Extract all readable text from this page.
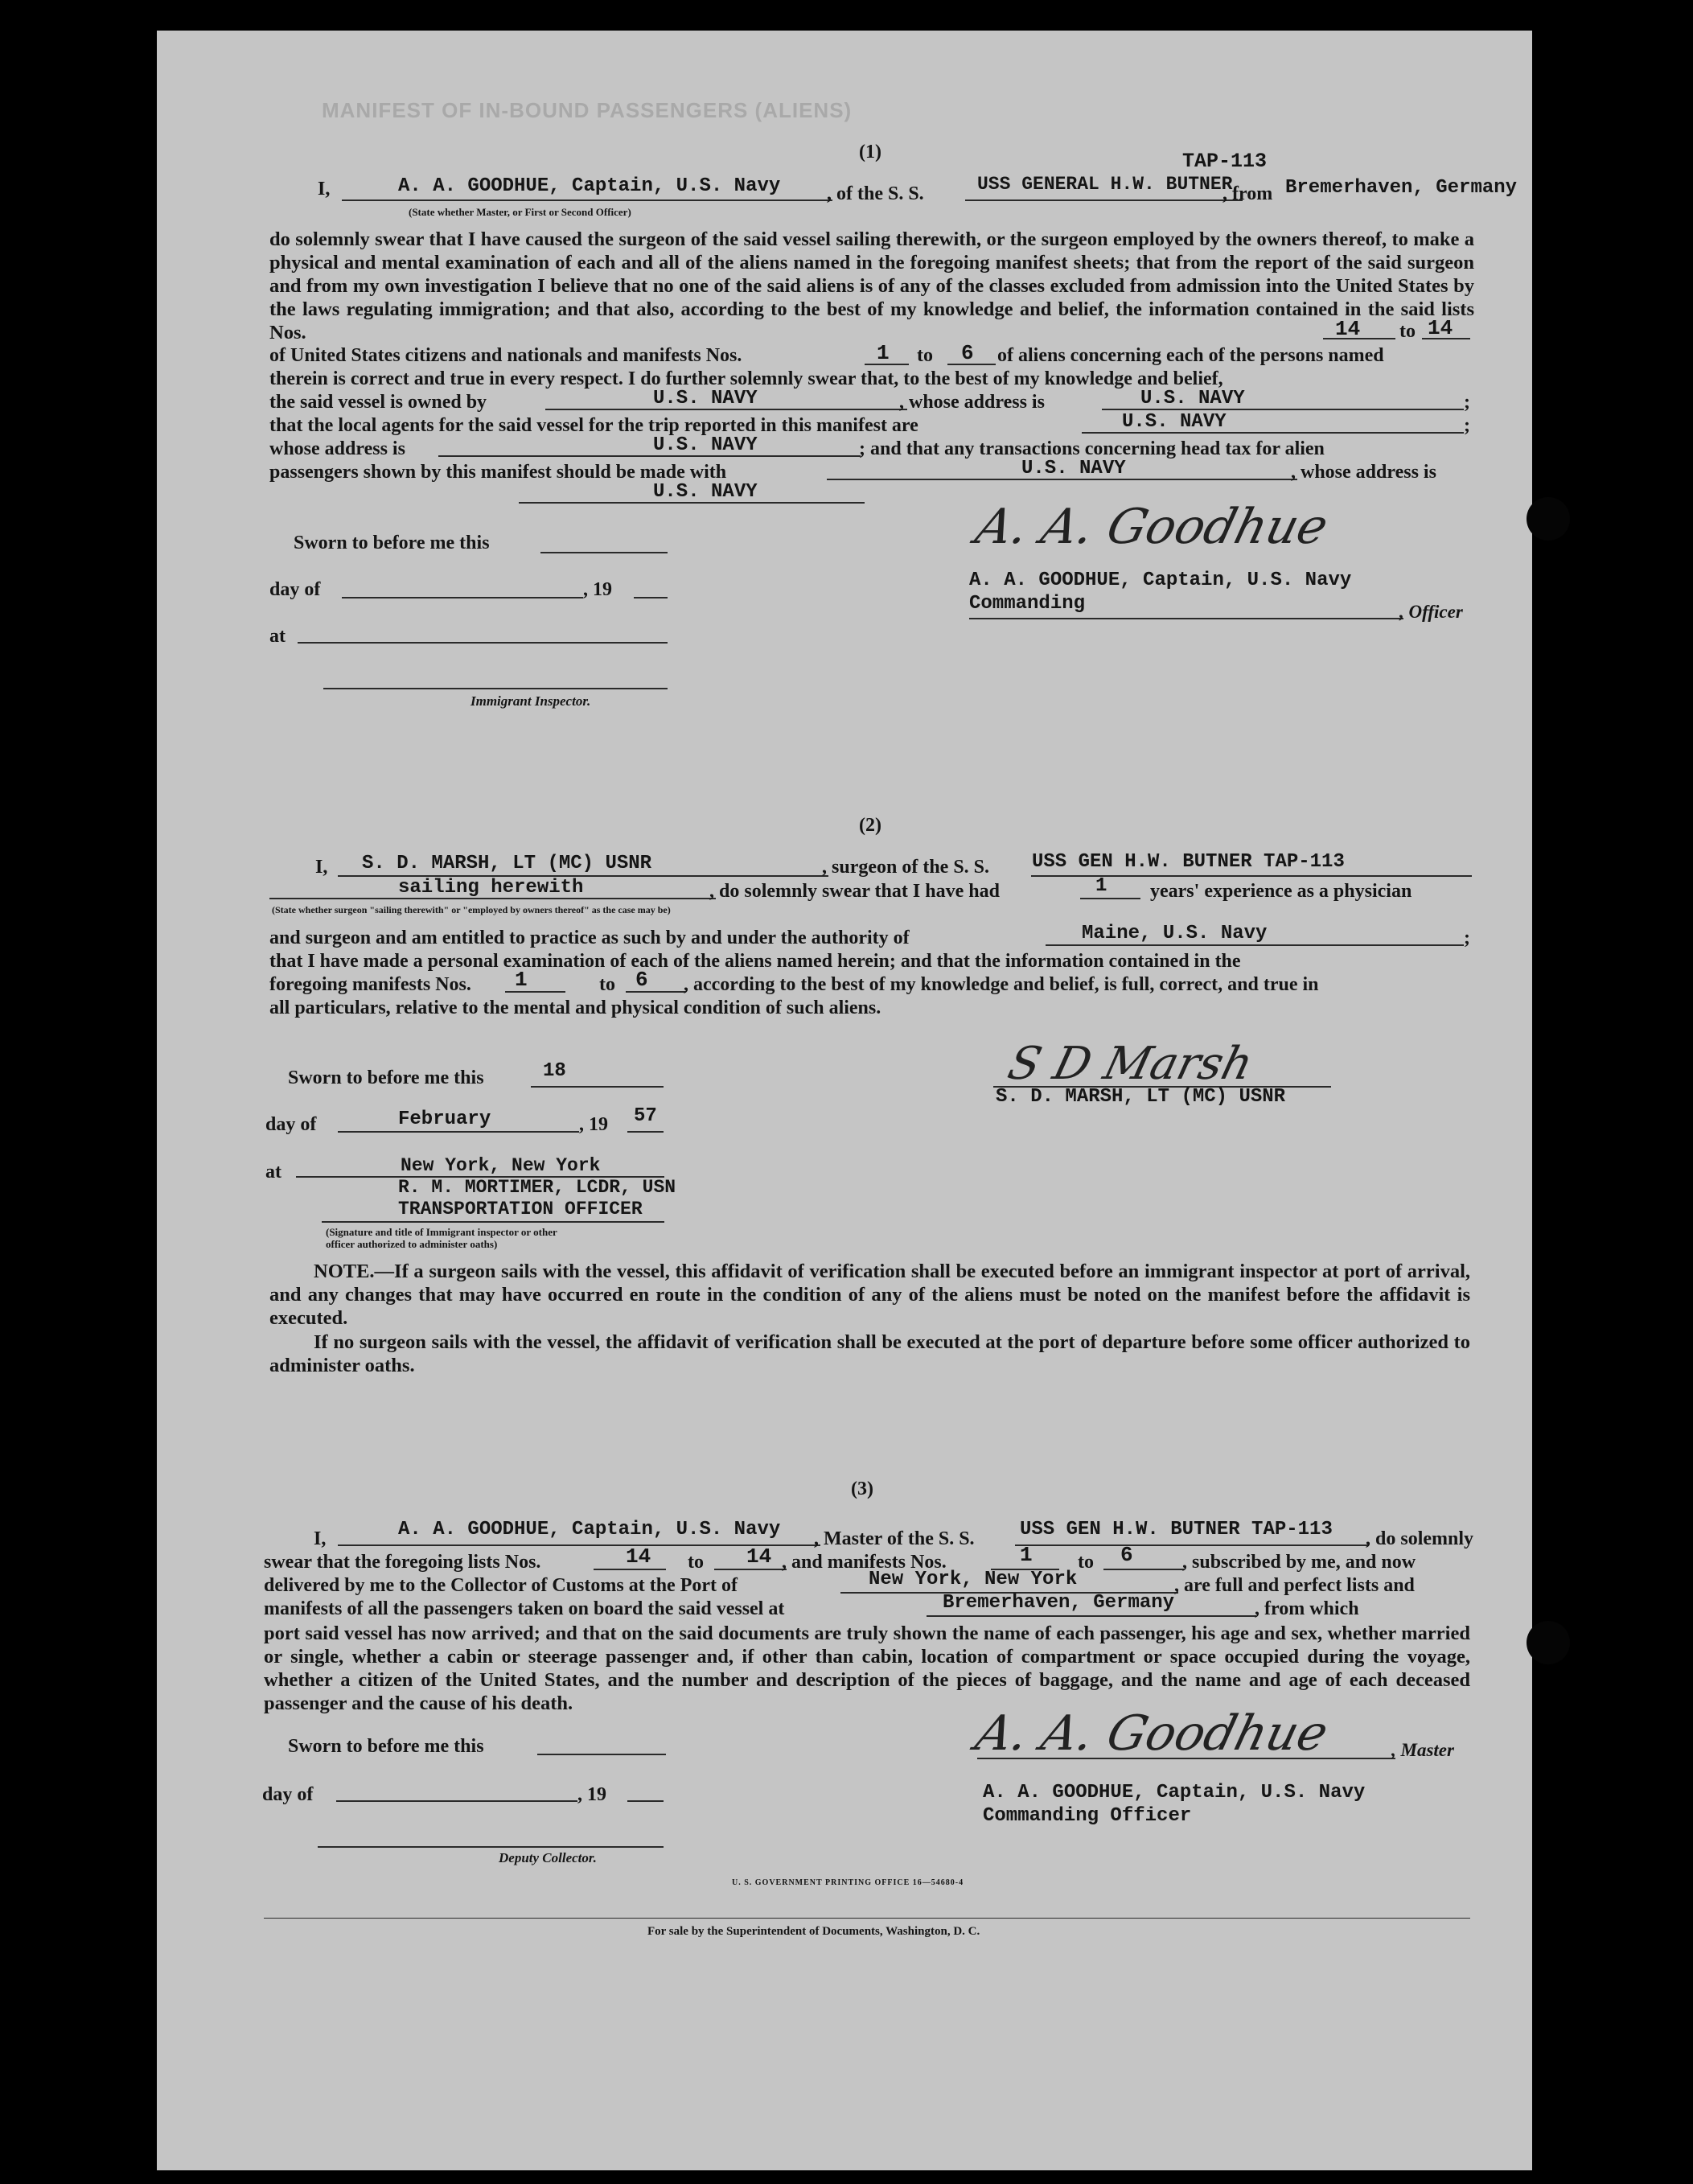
MANIFEST OF IN-BOUND PASSENGERS (ALIENS)
(1)	TAP-113
I,	A. A. GOODHUE, Captain, U.S. Navy , of the S. S.	USS GENERAL H.W. BUTNER
, from Bremerhaven, Germany
(State whether Master, or First or Second Officer)
do solemnly swear that I have caused the surgeon of the said vessel sailing therewith, or the surgeon employed by the owners thereof, to make a physical and mental examination of each and all of the aliens named in the foregoing manifest sheets; that from the report of the said surgeon and from my own investigation I believe that no one of the said aliens is of any of the classes excluded from admission into the United States by the laws regulating immigration; and that also, according to the best of my knowledge and belief, the information contained in the said lists Nos.	14 to 14
of United States citizens and nationals and manifests Nos.	1 to 6 of aliens concerning each of the persons named
therein is correct and true in every respect. I do further solemnly swear that, to the best of my knowledge and belief,
the said vessel is owned by	U.S. NAVY	, whose address is	U.S. NAVY	;
that the local agents for the said vessel for the trip reported in this manifest are	U.S. NAVY	;
whose address is	U.S. NAVY	; and that any transactions concerning head tax for alien
passengers shown by this manifest should be made with	U.S. NAVY	, whose address is
U.S. NAVY
Sworn to before me this
day of	, 19
at
Immigrant Inspector.
A. A. Goodhue
A. A. GOODHUE, Captain, U.S. Navy
Commanding	, Officer
(2)
I, S. D. MARSH, LT (MC) USNR	, surgeon of the S. S. USS GEN H.W. BUTNER TAP-113
sailing herewith	, do solemnly swear that I have had	1 years' experience as a physician
(State whether surgeon "sailing therewith" or "employed by owners thereof" as the case may be)
and surgeon and am entitled to practice as such by and under the authority of	Maine, U.S. Navy	;
that I have made a personal examination of each of the aliens named herein; and that the information contained in the
foregoing manifests Nos. 1	to 6 , according to the best of my knowledge and belief, is full, correct, and true in
all particulars, relative to the mental and physical condition of such aliens.
Sworn to before me this	18
day of	February	, 19 57
at	New York, New York
R. M. MORTIMER, LCDR, USN
TRANSPORTATION OFFICER
(Signature and title of Immigrant inspector or other officer authorized to administer oaths)
S D Marsh
S. D. MARSH, LT (MC) USNR
NOTE.—If a surgeon sails with the vessel, this affidavit of verification shall be executed before an immigrant inspector at port of arrival, and any changes that may have occurred en route in the condition of any of the aliens must be noted on the manifest before the affidavit is executed.
If no surgeon sails with the vessel, the affidavit of verification shall be executed at the port of departure before some officer authorized to administer oaths.
(3)
I,	A. A. GOODHUE, Captain, U.S. Navy , Master of the S. S. USS GEN H.W. BUTNER TAP-113 , do solemnly
swear that the foregoing lists Nos.	14 to 14 , and manifests Nos.	1 to 6	, subscribed by me, and now
delivered by me to the Collector of Customs at the Port of	New York, New York	, are full and perfect lists and
manifests of all the passengers taken on board the said vessel at	Bremerhaven, Germany	, from which
port said vessel has now arrived; and that on the said documents are truly shown the name of each passenger, his age and sex, whether married or single, whether a cabin or steerage passenger and, if other than cabin, location of compartment or space occupied during the voyage, whether a citizen of the United States, and the number and description of the pieces of baggage, and the name and age of each deceased passenger and the cause of his death.
Sworn to before me this
day of	, 19
Deputy Collector.
A. A. Goodhue	, Master
A. A. GOODHUE, Captain, U.S. Navy
Commanding Officer
U. S. GOVERNMENT PRINTING OFFICE 16—54680-4
For sale by the Superintendent of Documents, Washington, D. C.
